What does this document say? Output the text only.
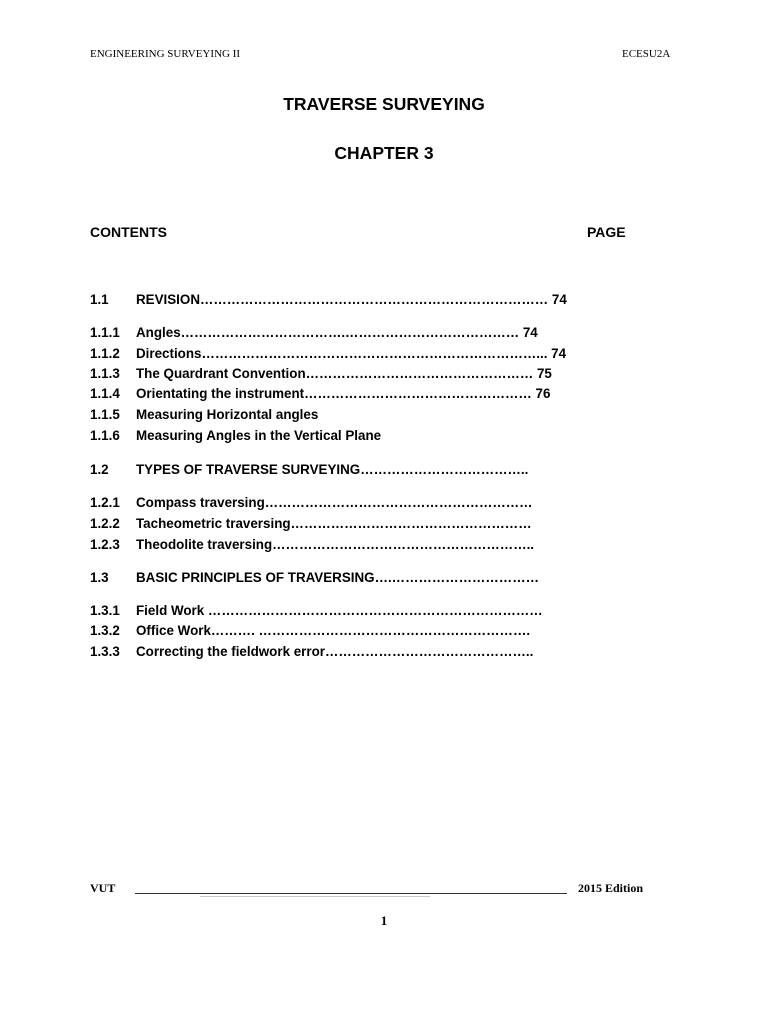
ENGINEERING SURVEYING II	ECESU2A
TRAVERSE SURVEYING
CHAPTER 3
CONTENTS	PAGE
1.1 REVISION…………………………………………………………………… 74
1.1.1 Angles……………………………….………………………………… 74
1.1.2 Directions…………………………………………………………………... 74
1.1.3 The Quardrant Convention…………………………………………… 75
1.1.4 Orientating the instrument…………………………………………… 76
1.1.5 Measuring Horizontal angles
1.1.6 Measuring Angles in the Vertical Plane
1.2 TYPES OF TRAVERSE SURVEYING………………………………..
1.2.1 Compass traversing……………………………………………………
1.2.2 Tacheometric traversing………………………………………………
1.2.3 Theodolite traversing…………………………………………………..
1.3 BASIC PRINCIPLES OF TRAVERSING….……………………………
1.3.1 Field Work …………………………………………………………………
1.3.2 Office Work………. …………………………………………………….
1.3.3 Correcting the fieldwork error………………………………………..
VUT	2015 Edition
1
